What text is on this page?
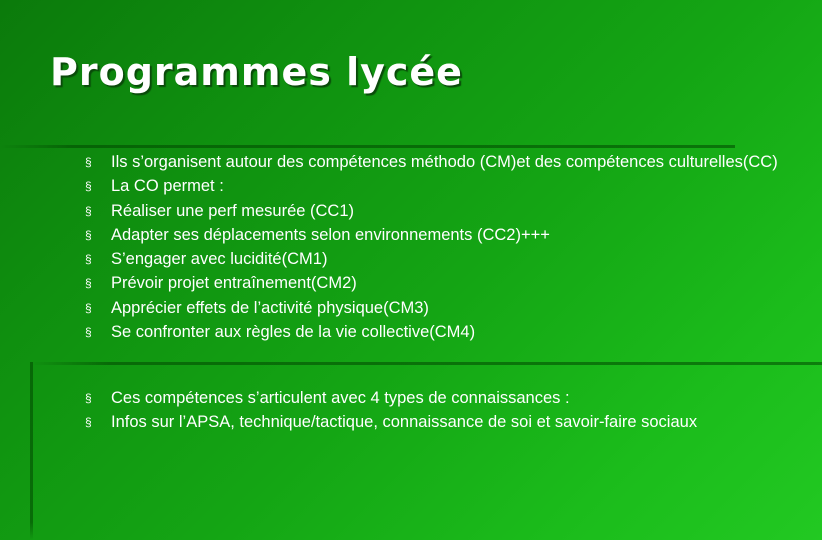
Programmes lycée
§ Ils s’organisent autour des compétences méthodo (CM)et des compétences culturelles(CC)
§ La CO permet :
§ Réaliser une perf mesurée (CC1)
§ Adapter ses déplacements selon environnements (CC2)+++
§ S’engager avec lucidité(CM1)
§ Prévoir projet entraînement(CM2)
§ Apprécier effets de l’activité physique(CM3)
§ Se confronter aux règles de la vie collective(CM4)
§ Ces compétences s’articulent avec 4 types de connaissances :
§ Infos sur l’APSA, technique/tactique, connaissance de soi et savoir-faire sociaux
